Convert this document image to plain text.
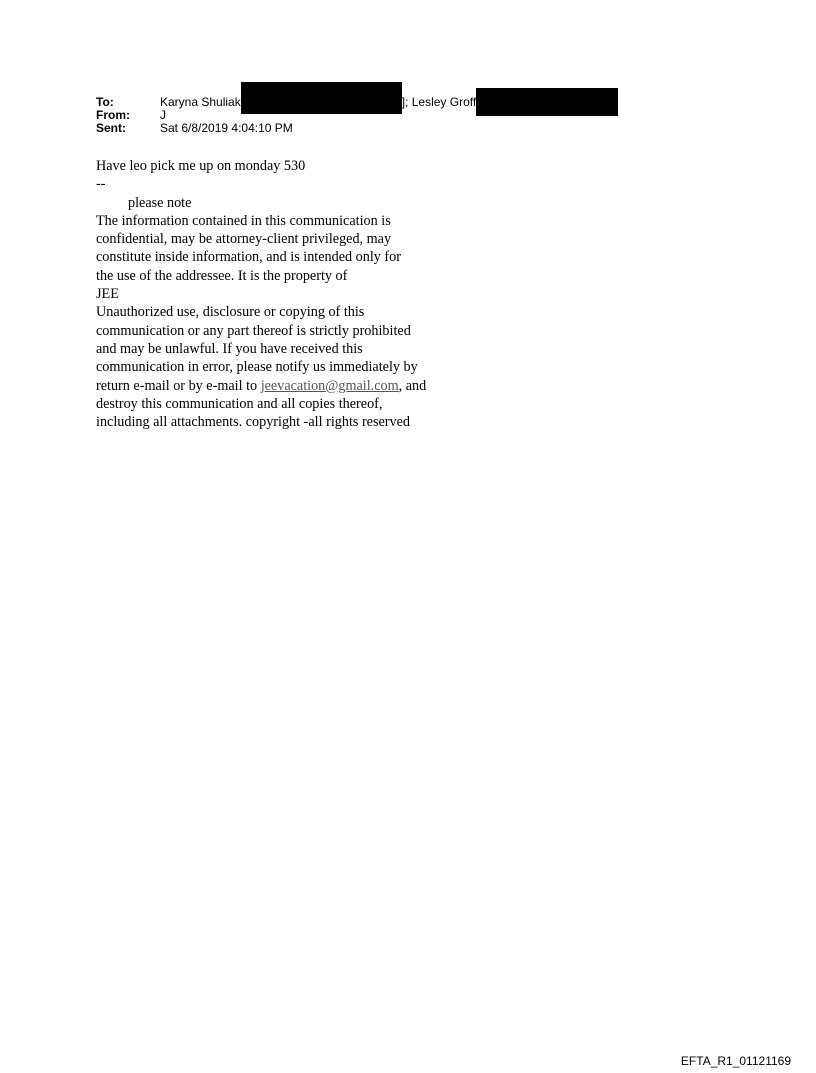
To:	Karyna Shuliak	]; Lesley Groff
From:	J
Sent:	Sat 6/8/2019 4:04:10 PM
Have leo pick me up on monday 530
--
please note
The information contained in this communication is
confidential, may be attorney-client privileged, may
constitute inside information, and is intended only for
the use of the addressee. It is the property of
JEE
Unauthorized use, disclosure or copying of this
communication or any part thereof is strictly prohibited
and may be unlawful. If you have received this
communication in error, please notify us immediately by
return e-mail or by e-mail to jeevacation@gmail.com, and
destroy this communication and all copies thereof,
including all attachments. copyright -all rights reserved
EFTA_R1_01121169
